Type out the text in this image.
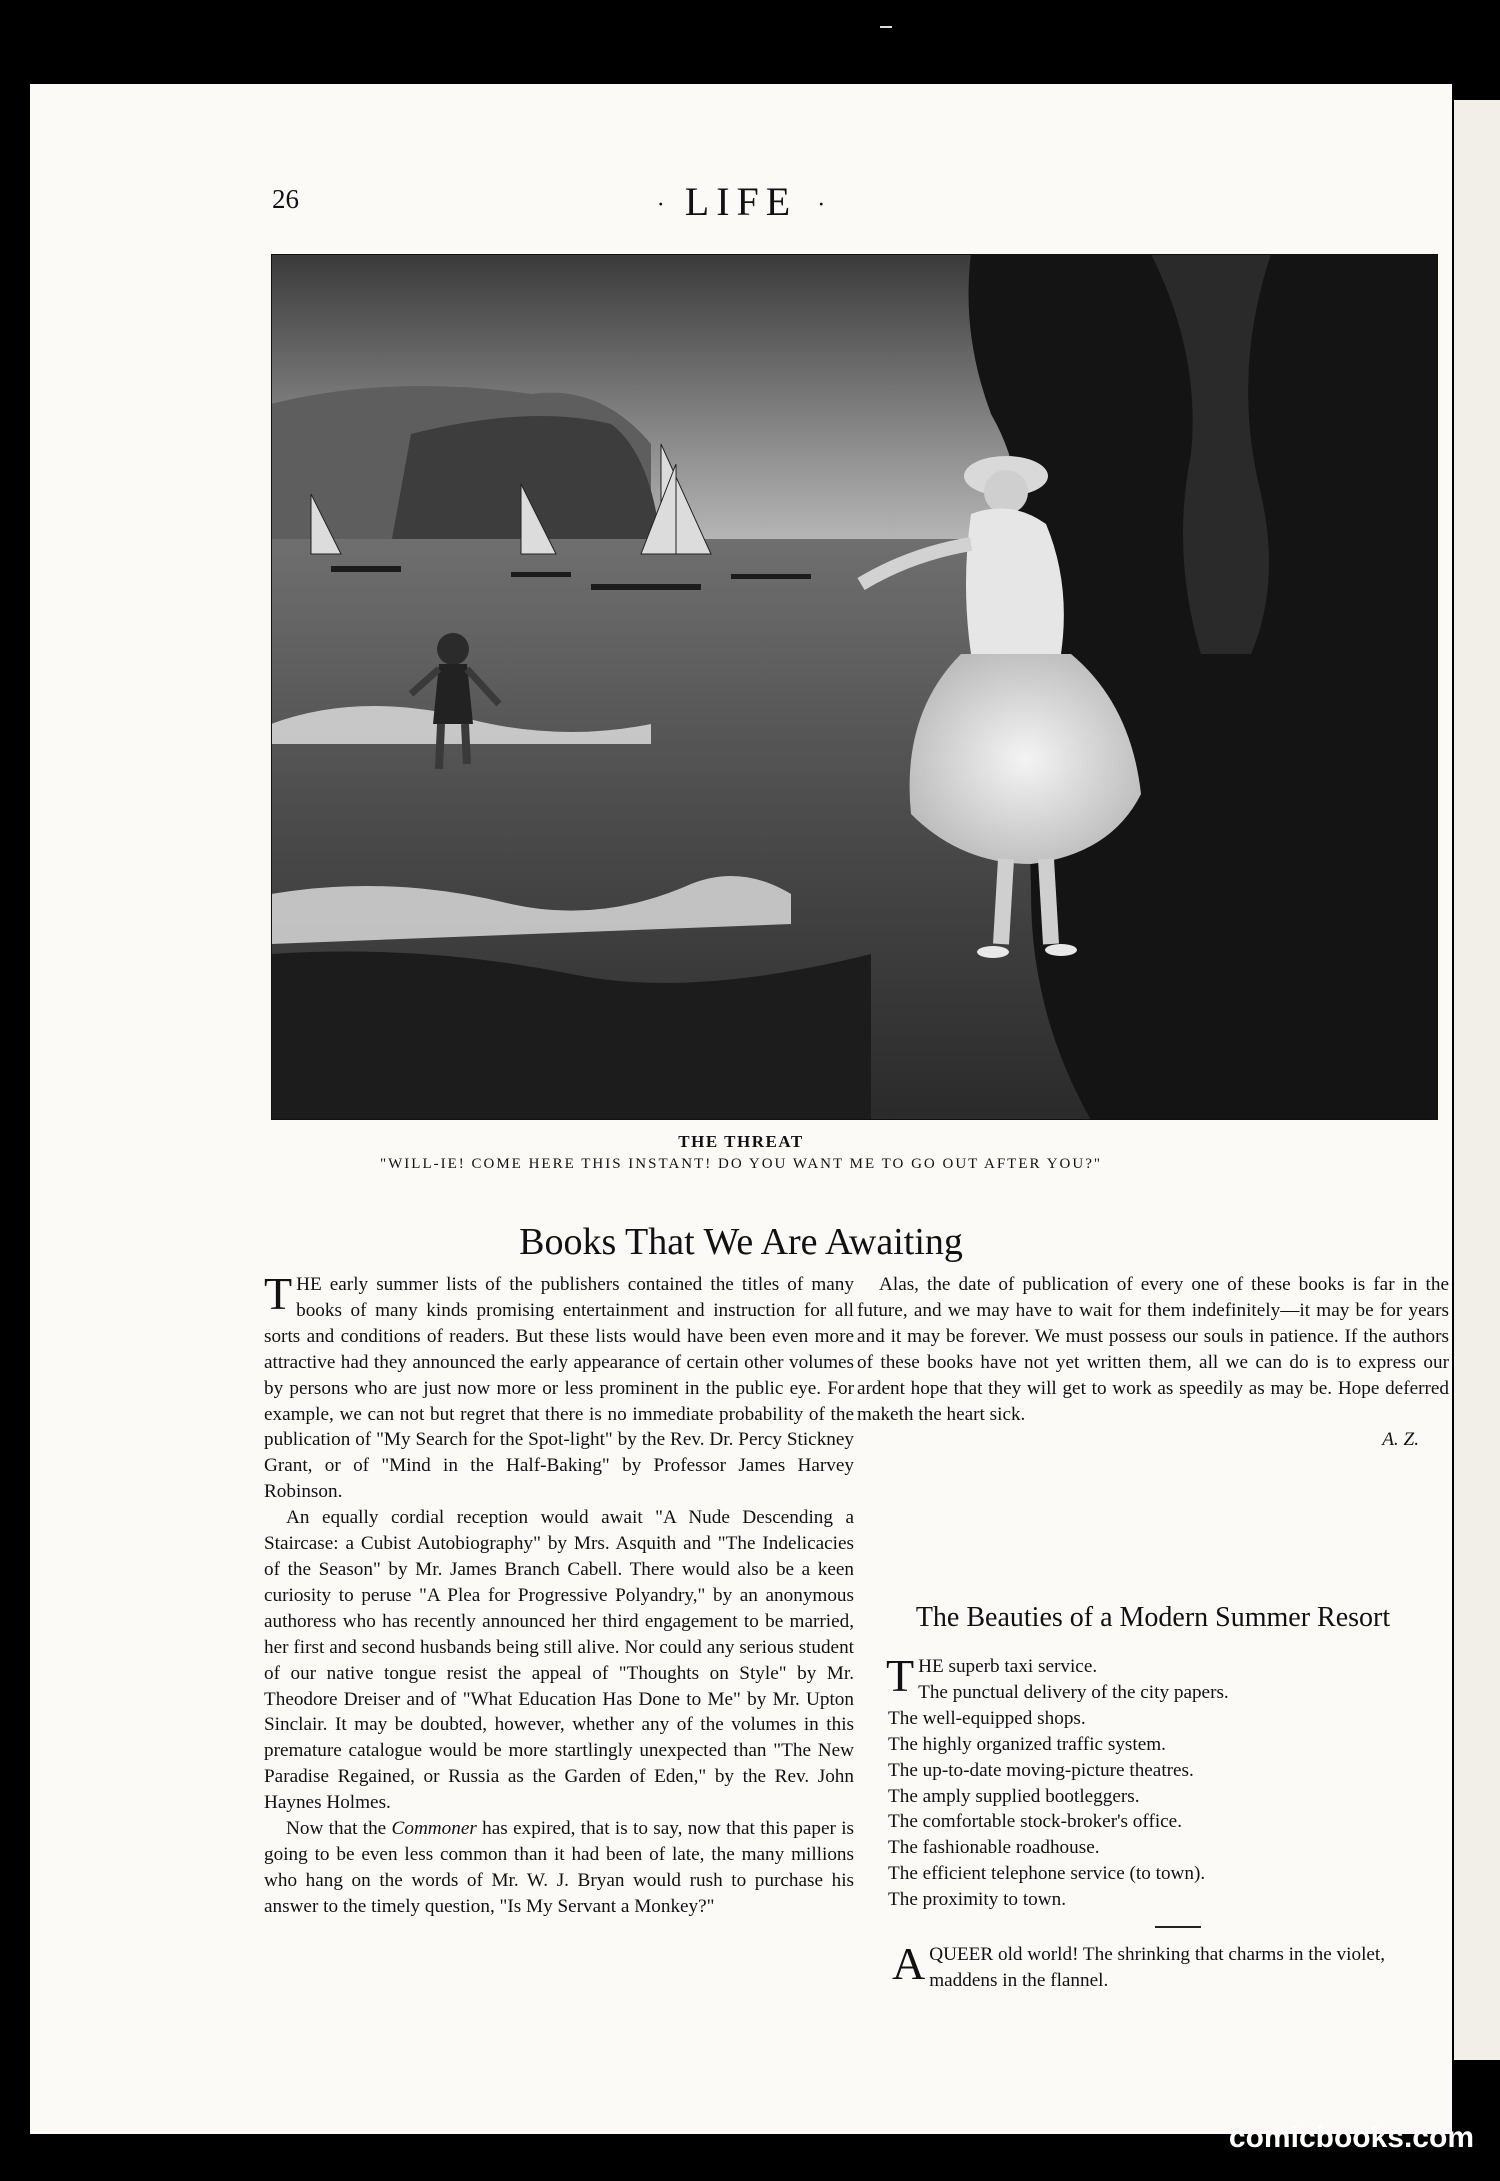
26	· LIFE ·
THE THREAT
"WILL-IE! COME HERE THIS INSTANT! DO YOU WANT ME TO GO OUT AFTER YOU?"
Books That We Are Awaiting

THE early summer lists of the publishers contained the titles of many books of many kinds promising entertainment and instruction for all sorts and conditions of readers. But these lists would have been even more attractive had they announced the early appearance of certain other volumes by persons who are just now more or less prominent in the public eye. For example, we can not but regret that there is no immediate probability of the publication of "My Search for the Spot-light" by the Rev. Dr. Percy Stickney Grant, or of "Mind in the Half-Baking" by Professor James Harvey Robinson.

An equally cordial reception would await "A Nude Descending a Staircase: a Cubist Autobiography" by Mrs. Asquith and "The Indelicacies of the Season" by Mr. James Branch Cabell. There would also be a keen curiosity to peruse "A Plea for Progressive Polyandry," by an anonymous authoress who has recently announced her third engagement to be married, her first and second husbands being still alive. Nor could any serious student of our native tongue resist the appeal of "Thoughts on Style" by Mr. Theodore Dreiser and of "What Education Has Done to Me" by Mr. Upton Sinclair. It may be doubted, however, whether any of the volumes in this premature catalogue would be more startlingly unexpected than "The New Paradise Regained, or Russia as the Garden of Eden," by the Rev. John Haynes Holmes.

Now that the Commoner has expired, that is to say, now that this paper is going to be even less common than it had been of late, the many millions who hang on the words of Mr. W. J. Bryan would rush to purchase his answer to the timely question, "Is My Servant a Monkey?"

Alas, the date of publication of every one of these books is far in the future, and we may have to wait for them indefinitely—it may be for years and it may be forever. We must possess our souls in patience. If the authors of these books have not yet written them, all we can do is to express our ardent hope that they will get to work as speedily as may be. Hope deferred maketh the heart sick.

A. Z.
The Beauties of a Modern Summer Resort
THE superb taxi service.
The punctual delivery of the city papers.
The well-equipped shops.
The highly organized traffic system.
The up-to-date moving-picture theatres.
The amply supplied bootleggers.
The comfortable stock-broker's office.
The fashionable roadhouse.
The efficient telephone service (to town).
The proximity to town.
AQUEER old world! The shrinking that charms in the violet, maddens in the flannel.
comicbooks.com
